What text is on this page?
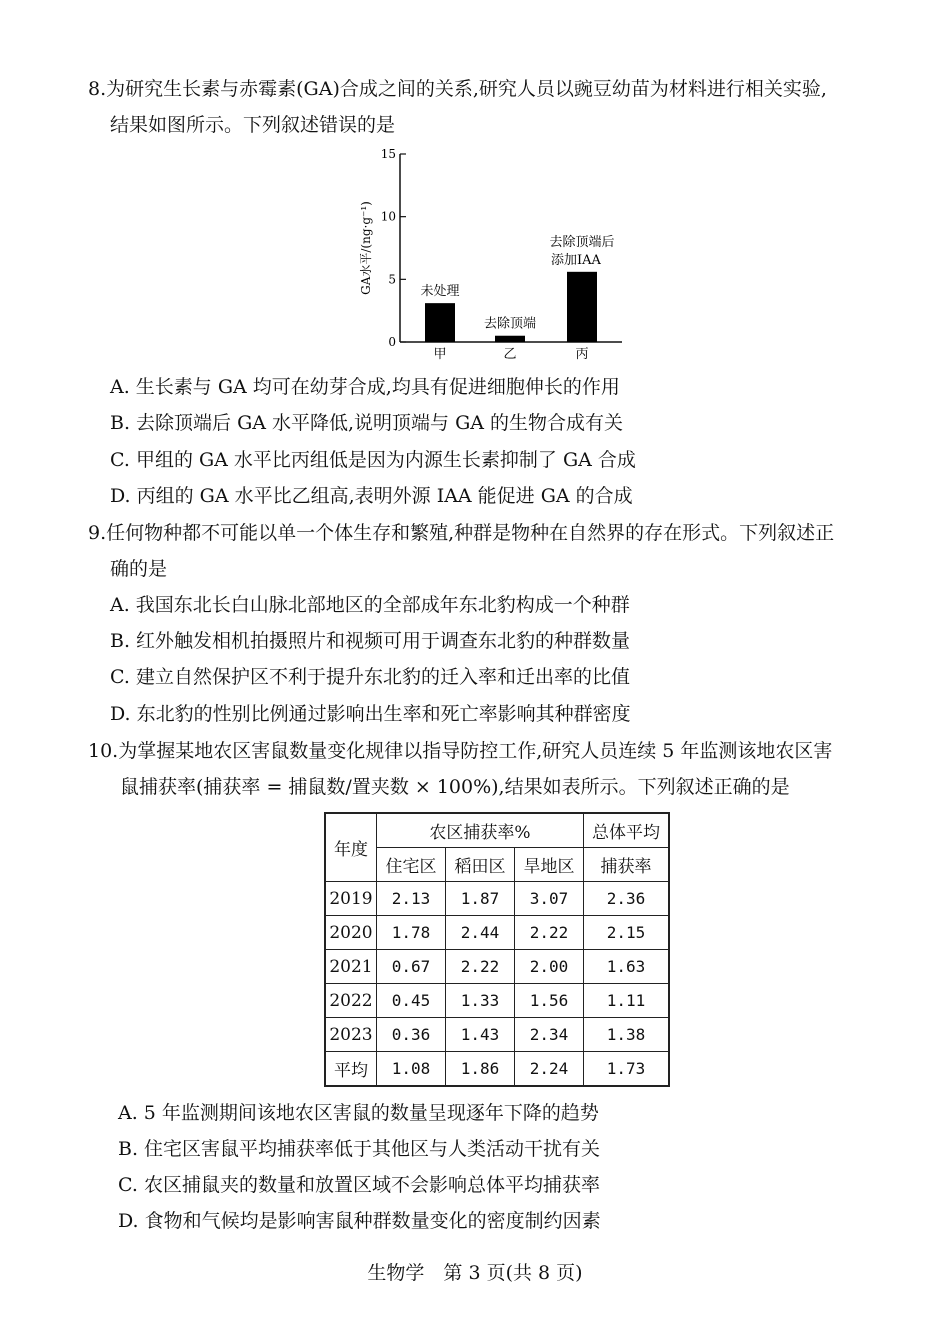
8.为研究生长素与赤霉素(GA)合成之间的关系,研究人员以豌豆幼苗为材料进行相关实验,
结果如图所示。下列叙述错误的是
0
5
10
15
GA水平/(ng·g⁻¹)
甲	乙	丙
未处理
去除顶端
去除顶端后
添加IAA
A. 生长素与 GA 均可在幼芽合成,均具有促进细胞伸长的作用
B. 去除顶端后 GA 水平降低,说明顶端与 GA 的生物合成有关
C. 甲组的 GA 水平比丙组低是因为内源生长素抑制了 GA 合成
D. 丙组的 GA 水平比乙组高,表明外源 IAA 能促进 GA 的合成
9.任何物种都不可能以单一个体生存和繁殖,种群是物种在自然界的存在形式。下列叙述正
确的是
A. 我国东北长白山脉北部地区的全部成年东北豹构成一个种群
B. 红外触发相机拍摄照片和视频可用于调查东北豹的种群数量
C. 建立自然保护区不利于提升东北豹的迁入率和迁出率的比值
D. 东北豹的性别比例通过影响出生率和死亡率影响其种群密度
10.为掌握某地农区害鼠数量变化规律以指导防控工作,研究人员连续 5 年监测该地农区害
鼠捕获率(捕获率 = 捕鼠数/置夹数 × 100%),结果如表所示。下列叙述正确的是
年度	农区捕获率%			总体平均
	住宅区	稻田区	旱地区	捕获率
2019	2.13	1.87	3.07	2.36
2020	1.78	2.44	2.22	2.15
2021	0.67	2.22	2.00	1.63
2022	0.45	1.33	1.56	1.11
2023	0.36	1.43	2.34	1.38
平均	1.08	1.86	2.24	1.73
A. 5 年监测期间该地农区害鼠的数量呈现逐年下降的趋势
B. 住宅区害鼠平均捕获率低于其他区与人类活动干扰有关
C. 农区捕鼠夹的数量和放置区域不会影响总体平均捕获率
D. 食物和气候均是影响害鼠种群数量变化的密度制约因素
生物学　第 3 页(共 8 页)
